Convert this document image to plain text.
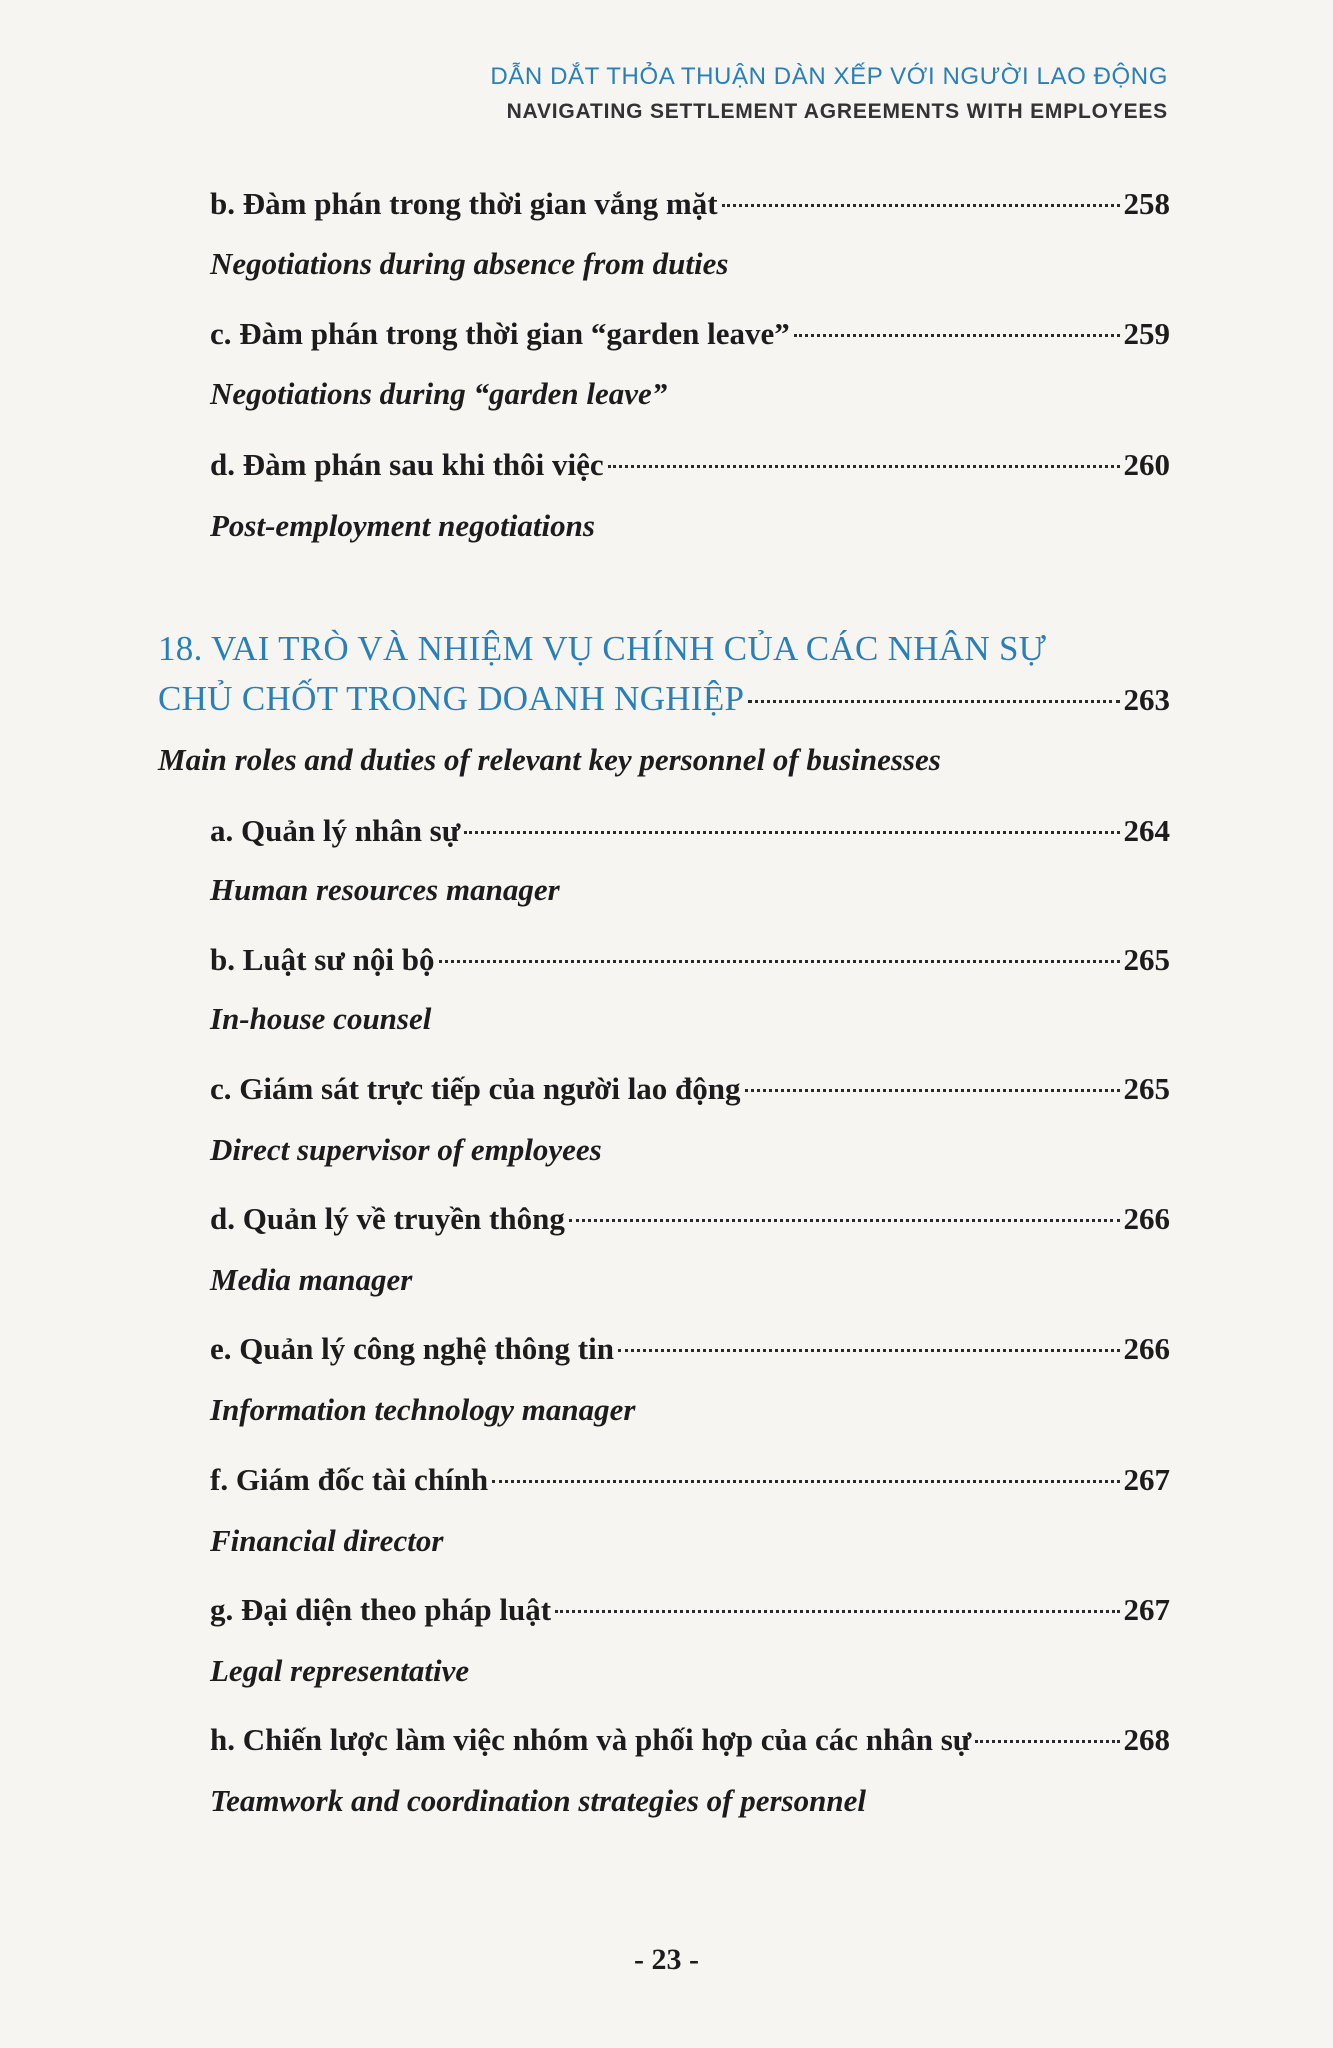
DẪN DẮT THỎA THUẬN DÀN XẾP VỚI NGƯỜI LAO ĐỘNG
NAVIGATING SETTLEMENT AGREEMENTS WITH EMPLOYEES
b. Đàm phán trong thời gian vắng mặt	258
Negotiations during absence from duties
c. Đàm phán trong thời gian “garden leave”	259
Negotiations during “garden leave”
d. Đàm phán sau khi thôi việc	260
Post-employment negotiations
18. VAI TRÒ VÀ NHIỆM VỤ CHÍNH CỦA CÁC NHÂN SỰ
CHỦ CHỐT TRONG DOANH NGHIỆP	263
Main roles and duties of relevant key personnel of businesses
a. Quản lý nhân sự	264
Human resources manager
b. Luật sư nội bộ	265
In-house counsel
c. Giám sát trực tiếp của người lao động	265
Direct supervisor of employees
d. Quản lý về truyền thông	266
Media manager
e. Quản lý công nghệ thông tin	266
Information technology manager
f. Giám đốc tài chính	267
Financial director
g. Đại diện theo pháp luật	267
Legal representative
h. Chiến lược làm việc nhóm và phối hợp của các nhân sự	268
Teamwork and coordination strategies of personnel
- 23 -
